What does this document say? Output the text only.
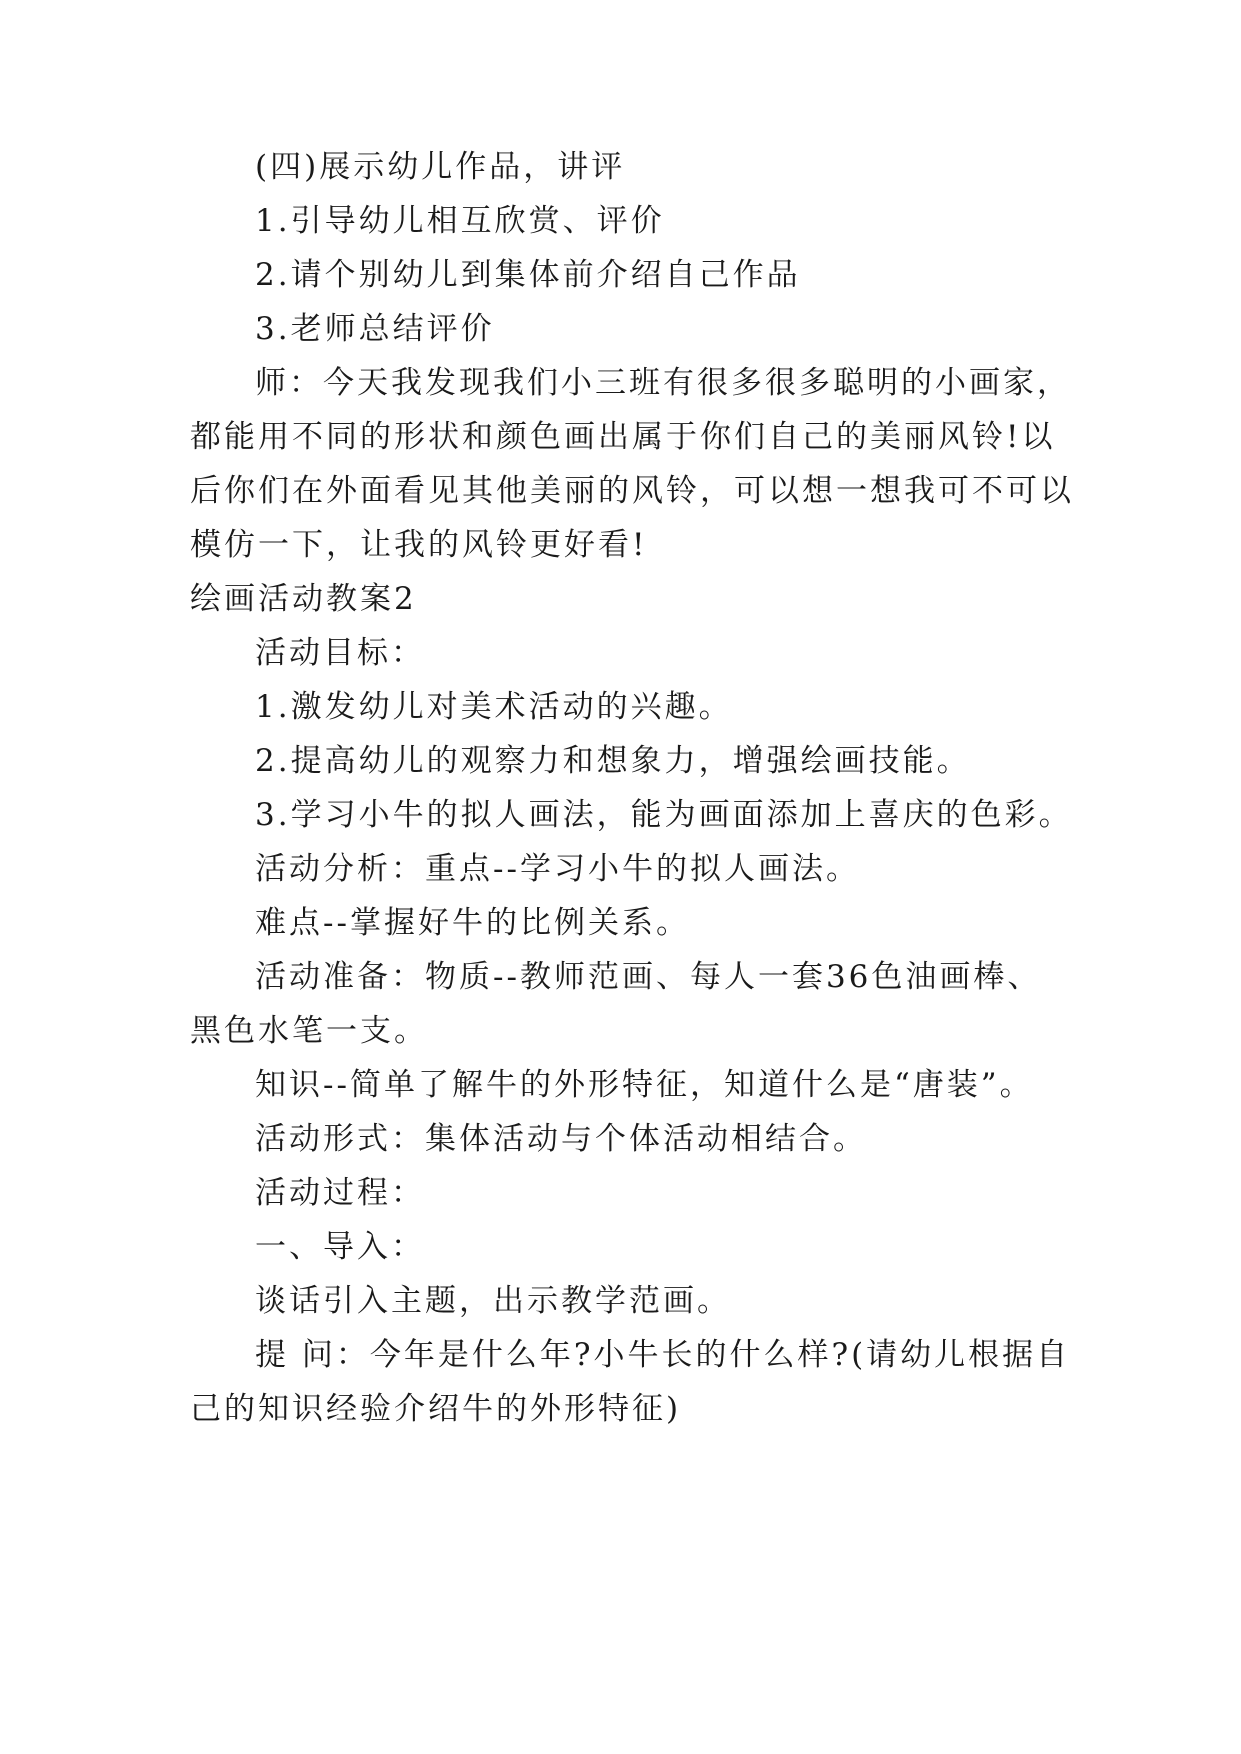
(四)展示幼儿作品，讲评
1.引导幼儿相互欣赏、评价
2.请个别幼儿到集体前介绍自己作品
3.老师总结评价
师：今天我发现我们小三班有很多很多聪明的小画家，
都能用不同的形状和颜色画出属于你们自己的美丽风铃!以
后你们在外面看见其他美丽的风铃，可以想一想我可不可以
模仿一下，让我的风铃更好看!
绘画活动教案2
活动目标：
1.激发幼儿对美术活动的兴趣。
2.提高幼儿的观察力和想象力，增强绘画技能。
3.学习小牛的拟人画法，能为画面添加上喜庆的色彩。
活动分析：重点--学习小牛的拟人画法。
难点--掌握好牛的比例关系。
活动准备：物质--教师范画、每人一套36色油画棒、
黑色水笔一支。
知识--简单了解牛的外形特征，知道什么是“唐装”。
活动形式：集体活动与个体活动相结合。
活动过程：
一、导入：
谈话引入主题，出示教学范画。
提 问：今年是什么年?小牛长的什么样?(请幼儿根据自
己的知识经验介绍牛的外形特征)
